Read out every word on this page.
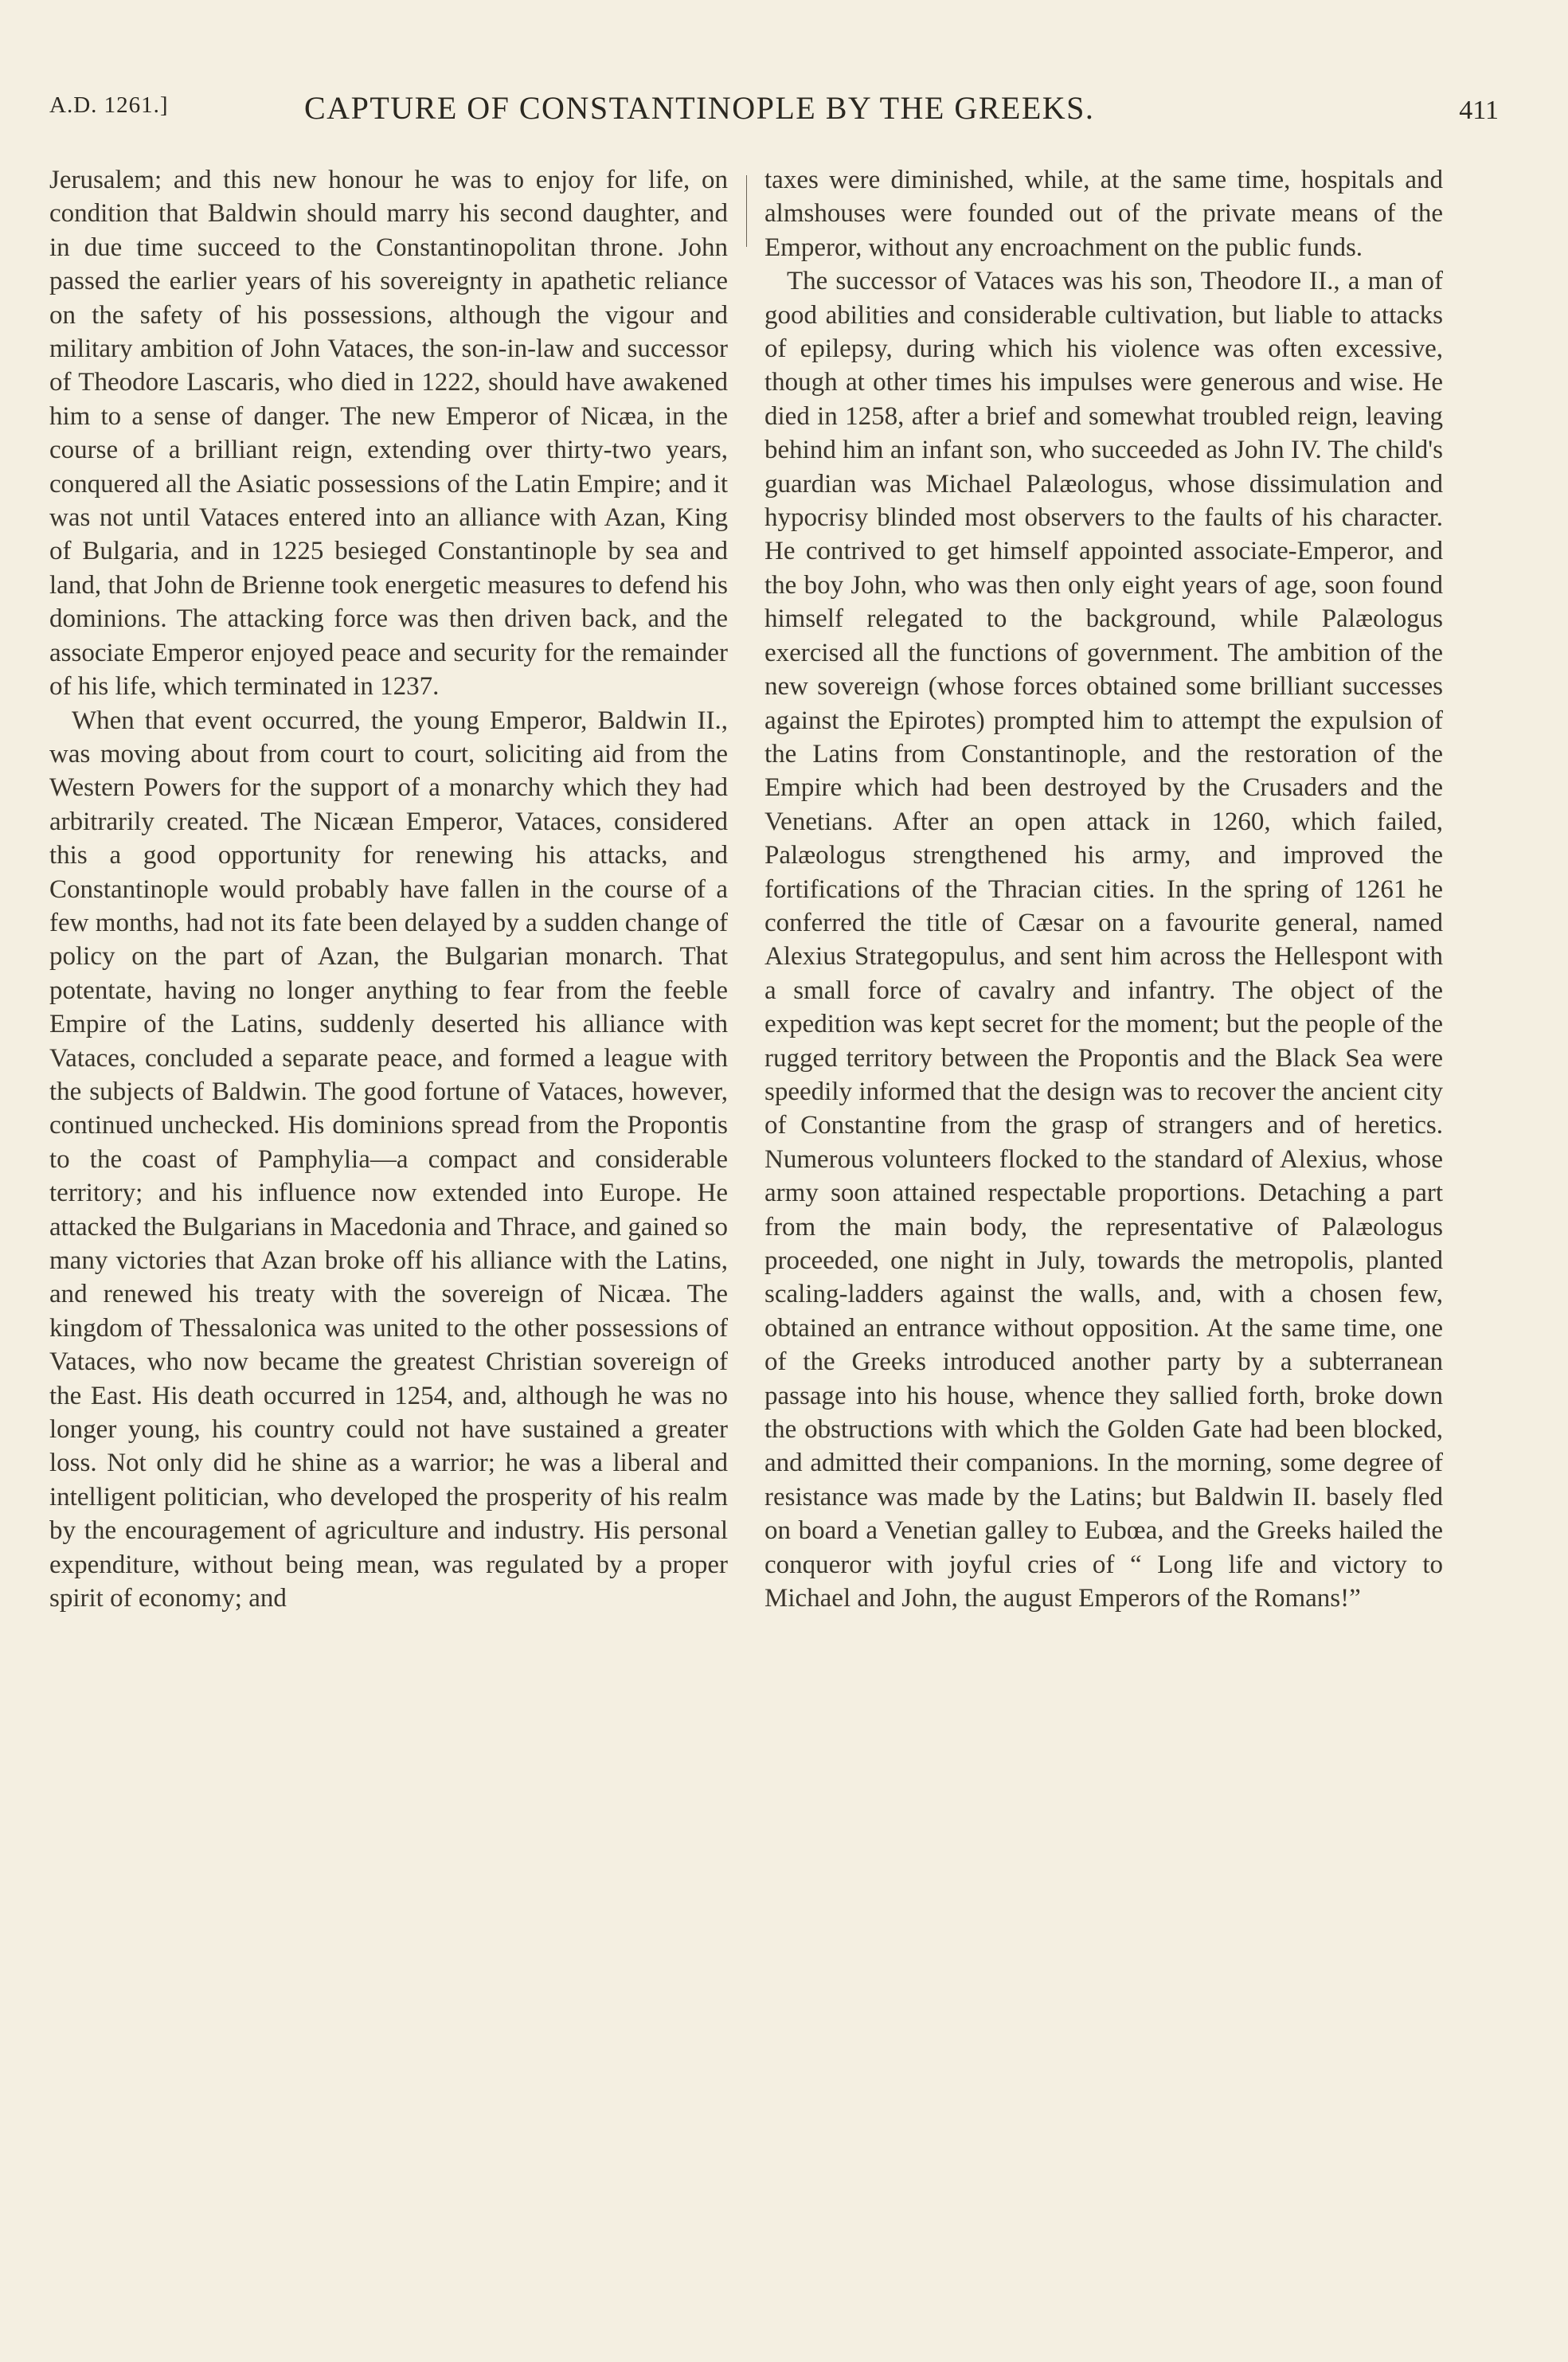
A.D. 1261.]	CAPTURE OF CONSTANTINOPLE BY THE GREEKS.	411

Jerusalem; and this new honour he was to enjoy for life, on condition that Baldwin should marry his second daughter, and in due time succeed to the Constantinopolitan throne. John passed the earlier years of his sovereignty in apathetic reliance on the safety of his possessions, although the vigour and military ambition of John Vataces, the son-in-law and successor of Theodore Lascaris, who died in 1222, should have awakened him to a sense of danger. The new Emperor of Nicæa, in the course of a brilliant reign, extending over thirty-two years, conquered all the Asiatic possessions of the Latin Empire; and it was not until Vataces entered into an alliance with Azan, King of Bulgaria, and in 1225 besieged Constantinople by sea and land, that John de Brienne took energetic measures to defend his dominions. The attacking force was then driven back, and the associate Emperor enjoyed peace and security for the remainder of his life, which terminated in 1237.

When that event occurred, the young Emperor, Baldwin II., was moving about from court to court, soliciting aid from the Western Powers for the support of a monarchy which they had arbitrarily created. The Nicæan Emperor, Vataces, considered this a good opportunity for renewing his attacks, and Constantinople would probably have fallen in the course of a few months, had not its fate been delayed by a sudden change of policy on the part of Azan, the Bulgarian monarch. That potentate, having no longer anything to fear from the feeble Empire of the Latins, suddenly deserted his alliance with Vataces, concluded a separate peace, and formed a league with the subjects of Baldwin. The good fortune of Vataces, however, continued unchecked. His dominions spread from the Propontis to the coast of Pamphylia—a compact and considerable territory; and his influence now extended into Europe. He attacked the Bulgarians in Macedonia and Thrace, and gained so many victories that Azan broke off his alliance with the Latins, and renewed his treaty with the sovereign of Nicæa. The kingdom of Thessalonica was united to the other possessions of Vataces, who now became the greatest Christian sovereign of the East. His death occurred in 1254, and, although he was no longer young, his country could not have sustained a greater loss. Not only did he shine as a warrior; he was a liberal and intelligent politician, who developed the prosperity of his realm by the encouragement of agriculture and industry. His personal expenditure, without being mean, was regulated by a proper spirit of economy; and

taxes were diminished, while, at the same time, hospitals and almshouses were founded out of the private means of the Emperor, without any encroachment on the public funds.

The successor of Vataces was his son, Theodore II., a man of good abilities and considerable cultivation, but liable to attacks of epilepsy, during which his violence was often excessive, though at other times his impulses were generous and wise. He died in 1258, after a brief and somewhat troubled reign, leaving behind him an infant son, who succeeded as John IV. The child's guardian was Michael Palæologus, whose dissimulation and hypocrisy blinded most observers to the faults of his character. He contrived to get himself appointed associate-Emperor, and the boy John, who was then only eight years of age, soon found himself relegated to the background, while Palæologus exercised all the functions of government. The ambition of the new sovereign (whose forces obtained some brilliant successes against the Epirotes) prompted him to attempt the expulsion of the Latins from Constantinople, and the restoration of the Empire which had been destroyed by the Crusaders and the Venetians. After an open attack in 1260, which failed, Palæologus strengthened his army, and improved the fortifications of the Thracian cities. In the spring of 1261 he conferred the title of Cæsar on a favourite general, named Alexius Strategopulus, and sent him across the Hellespont with a small force of cavalry and infantry. The object of the expedition was kept secret for the moment; but the people of the rugged territory between the Propontis and the Black Sea were speedily informed that the design was to recover the ancient city of Constantine from the grasp of strangers and of heretics. Numerous volunteers flocked to the standard of Alexius, whose army soon attained respectable proportions. Detaching a part from the main body, the representative of Palæologus proceeded, one night in July, towards the metropolis, planted scaling-ladders against the walls, and, with a chosen few, obtained an entrance without opposition. At the same time, one of the Greeks introduced another party by a subterranean passage into his house, whence they sallied forth, broke down the obstructions with which the Golden Gate had been blocked, and admitted their companions. In the morning, some degree of resistance was made by the Latins; but Baldwin II. basely fled on board a Venetian galley to Eubœa, and the Greeks hailed the conqueror with joyful cries of “ Long life and victory to Michael and John, the august Emperors of the Romans!”
